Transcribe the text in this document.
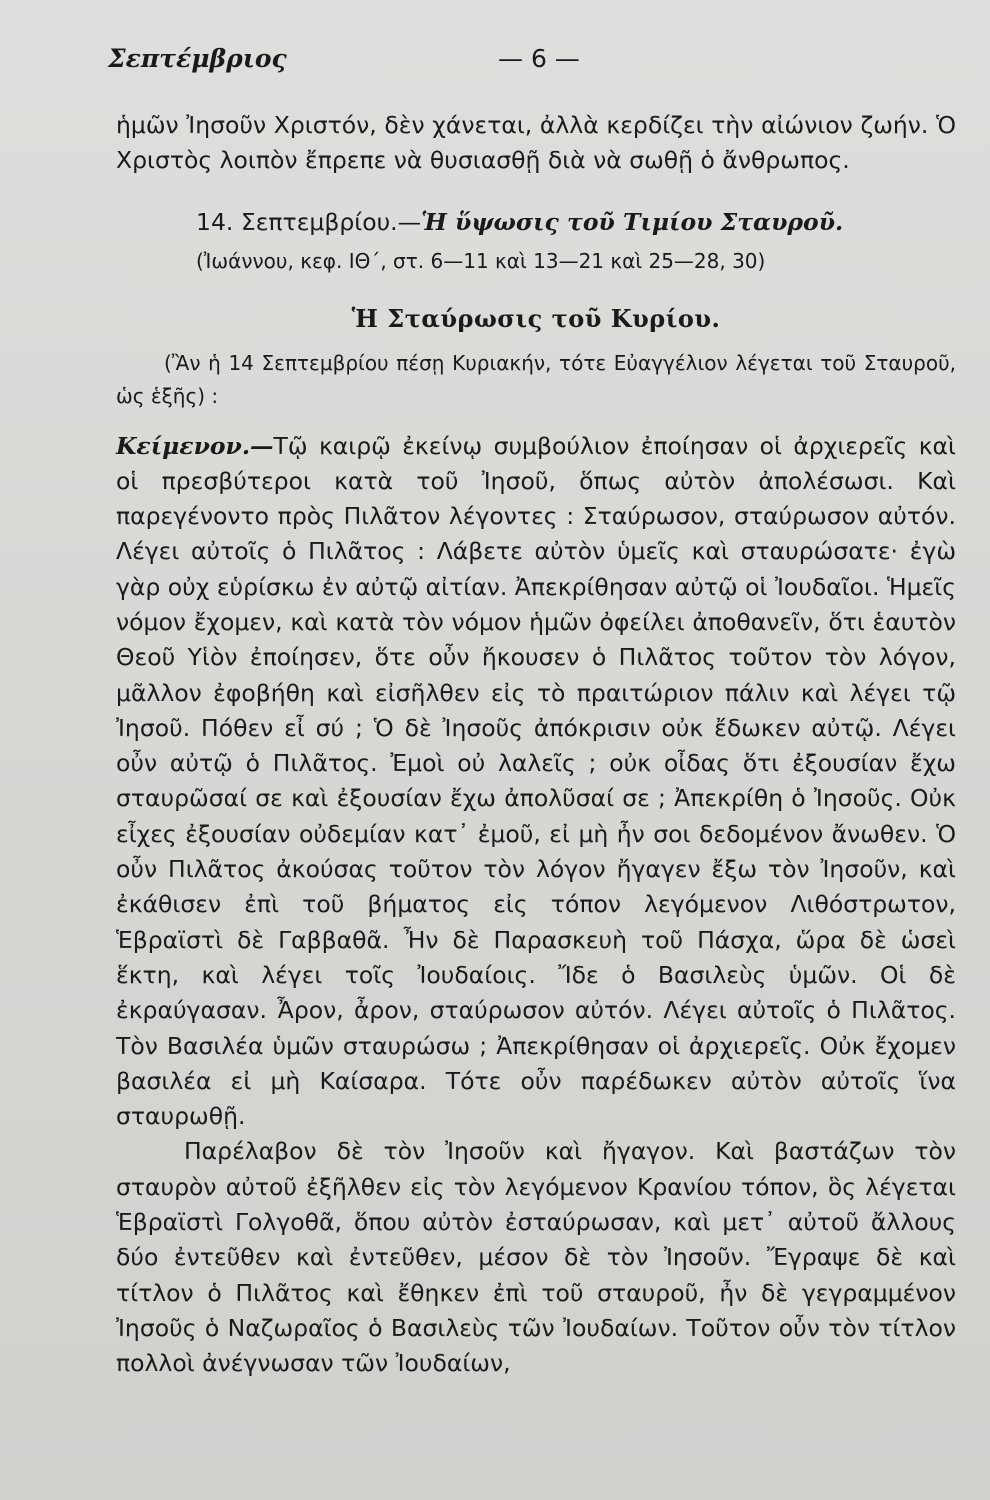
Σεπτέμβριος	— 6 —

ἡμῶν Ἰησοῦν Χριστόν, δὲν χάνεται, ἀλλὰ κερδίζει τὴν αἰώνιον ζωήν. Ὁ Χριστὸς λοιπὸν ἔπρεπε νὰ θυσιασθῇ διὰ νὰ σωθῇ ὁ ἄνθρωπος.

14. Σεπτεμβρίου.—Ἡ ὕψωσις τοῦ Τιμίου Σταυροῦ.

(Ἰωάννου, κεφ. ΙΘ΄, στ. 6—11 καὶ 13—21 καὶ 25—28, 30)

Ἡ Σταύρωσις τοῦ Κυρίου.

(Ἂν ἡ 14 Σεπτεμβρίου πέσῃ Κυριακήν, τότε Εὐαγγέλιον λέγεται τοῦ Σταυροῦ, ὡς ἑξῆς) :

Κείμενον.—Τῷ καιρῷ ἐκείνῳ συμβούλιον ἐποίησαν οἱ ἀρχιερεῖς καὶ οἱ πρεσβύτεροι κατὰ τοῦ Ἰησοῦ, ὅπως αὐτὸν ἀπολέσωσι. Καὶ παρεγένοντο πρὸς Πιλᾶτον λέγοντες : Σταύρωσον, σταύρωσον αὐτόν. Λέγει αὐτοῖς ὁ Πιλᾶτος : Λάβετε αὐτὸν ὑμεῖς καὶ σταυρώσατε· ἐγὼ γὰρ οὐχ εὑρίσκω ἐν αὐτῷ αἰτίαν. Ἀπεκρίθησαν αὐτῷ οἱ Ἰουδαῖοι. Ἡμεῖς νόμον ἔχομεν, καὶ κατὰ τὸν νόμον ἡμῶν ὀφείλει ἀποθανεῖν, ὅτι ἑαυτὸν Θεοῦ Υἱὸν ἐποίησεν, ὅτε οὖν ἤκουσεν ὁ Πιλᾶτος τοῦτον τὸν λόγον, μᾶλλον ἐφοβήθη καὶ εἰσῆλθεν εἰς τὸ πραιτώριον πάλιν καὶ λέγει τῷ Ἰησοῦ. Πόθεν εἶ σύ ; Ὁ δὲ Ἰησοῦς ἀπόκρισιν οὐκ ἔδωκεν αὐτῷ. Λέγει οὖν αὐτῷ ὁ Πιλᾶτος. Ἐμοὶ οὐ λαλεῖς ; οὐκ οἶδας ὅτι ἐξουσίαν ἔχω σταυρῶσαί σε καὶ ἐξουσίαν ἔχω ἀπολῦσαί σε ; Ἀπεκρίθη ὁ Ἰησοῦς. Οὐκ εἶχες ἐξουσίαν οὐδεμίαν κατ᾽ ἐμοῦ, εἰ μὴ ἦν σοι δεδομένον ἄνωθεν. Ὁ οὖν Πιλᾶτος ἀκούσας τοῦτον τὸν λόγον ἤγαγεν ἔξω τὸν Ἰησοῦν, καὶ ἐκάθισεν ἐπὶ τοῦ βήματος εἰς τόπον λεγόμενον Λιθόστρωτον, Ἑβραϊστὶ δὲ Γαββαθᾶ. Ἦν δὲ Παρασκευὴ τοῦ Πάσχα, ὥρα δὲ ὡσεὶ ἕκτη, καὶ λέγει τοῖς Ἰουδαίοις. Ἴδε ὁ Βασιλεὺς ὑμῶν. Οἱ δὲ ἐκραύγασαν. Ἆρον, ἆρον, σταύρωσον αὐτόν. Λέγει αὐτοῖς ὁ Πιλᾶτος. Τὸν Βασιλέα ὑμῶν σταυρώσω ; Ἀπεκρίθησαν οἱ ἀρχιερεῖς. Οὐκ ἔχομεν βασιλέα εἰ μὴ Καίσαρα. Τότε οὖν παρέδωκεν αὐτὸν αὐτοῖς ἵνα σταυρωθῇ.

Παρέλαβον δὲ τὸν Ἰησοῦν καὶ ἤγαγον. Καὶ βαστάζων τὸν σταυρὸν αὐτοῦ ἐξῆλθεν εἰς τὸν λεγόμενον Κρανίου τόπον, ὃς λέγεται Ἑβραϊστὶ Γολγοθᾶ, ὅπου αὐτὸν ἐσταύρωσαν, καὶ μετ᾽ αὐτοῦ ἄλλους δύο ἐντεῦθεν καὶ ἐντεῦθεν, μέσον δὲ τὸν Ἰησοῦν. Ἔγραψε δὲ καὶ τίτλον ὁ Πιλᾶτος καὶ ἔθηκεν ἐπὶ τοῦ σταυροῦ, ἦν δὲ γεγραμμένον Ἰησοῦς ὁ Ναζωραῖος ὁ Βασιλεὺς τῶν Ἰουδαίων. Τοῦτον οὖν τὸν τίτλον πολλοὶ ἀνέγνωσαν τῶν Ἰουδαίων,
